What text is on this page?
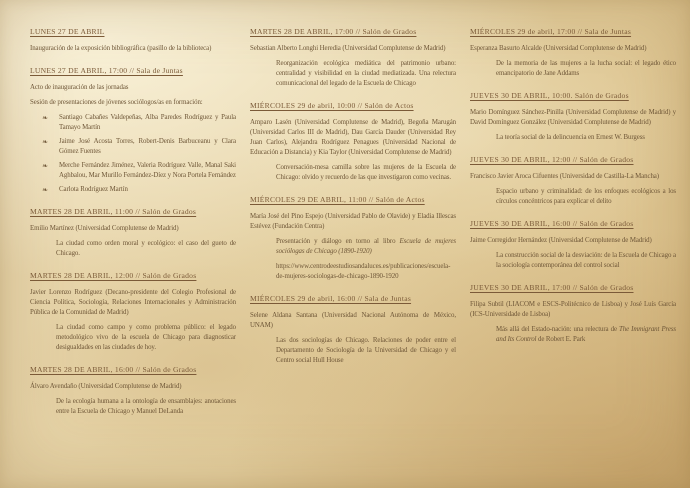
LUNES 27 DE ABRIL

Inauguración de la exposición bibliográfica (pasillo de la biblioteca)

LUNES 27 DE ABRIL, 17:00 // Sala de Juntas

Acto de inauguración de las jornadas

Sesión de presentaciones de jóvenes sociólogos/as en formación:

❧	Santiago Cabañes Valdepeñas, Alba Paredes Rodríguez y Paula Tamayo Martín
❧	Jaime José Acosta Torres, Robert-Denis Barbuceanu y Clara Gómez Fuentes
❧	Merche Fernández Jiménez, Valeria Rodríguez Valle, Manal Saki Aghbalou, Mar Murillo Fernández-Díez y Nora Portela Fernández
❧	Carlota Rodríguez Martín
MARTES 28 DE ABRIL, 11:00 // Salón de Grados

Emilio Martínez (Universidad Complutense de Madrid)

La ciudad como orden moral y ecológico: el caso del gueto de Chicago.

MARTES 28 DE ABRIL, 12:00 // Salón de Grados

Javier Lorenzo Rodríguez (Decano-presidente del Colegio Profesional de Ciencia Política, Sociología, Relaciones Internacionales y Administración Pública de la Comunidad de Madrid)

La ciudad como campo y como problema público: el legado metodológico vivo de la escuela de Chicago para diagnosticar desigualdades en las ciudades de hoy.

MARTES 28 DE ABRIL, 16:00 // Salón de Grados

Álvaro Avendaño (Universidad Complutense de Madrid)

De la ecología humana a la ontología de ensamblajes: anotaciones entre la Escuela de Chicago y Manuel DeLanda

MARTES 28 DE ABRIL, 17:00 // Salón de Grados

Sebastian Alberto Longhi Heredia (Universidad Complutense de Madrid)

Reorganización ecológica mediática del patrimonio urbano: centralidad y visibilidad en la ciudad mediatizada. Una relectura comunicacional del legado de la Escuela de Chicago

MIÉRCOLES 29 de abril, 10:00 // Salón de Actos

Amparo Lasén (Universidad Complutense de Madrid), Begoña Marugán (Universidad Carlos III de Madrid), Dau García Dauder (Universidad Rey Juan Carlos), Alejandra Rodríguez Penagues (Universidad Nacional de Educación a Distancia) y Kia Taylor (Universidad Complutense de Madrid)

Conversación-mesa camilla sobre las mujeres de la Escuela de Chicago: olvido y recuerdo de las que investigaron como vecinas.

MIÉRCOLES 29 DE ABRIL, 11:00 // Salón de Actos

María José del Pino Espejo (Universidad Pablo de Olavide) y Eladia Illescas Estévez (Fundación Centra)

Presentación y diálogo en torno al libro Escuela de mujeres sociólogas de Chicago (1890-1920)

https://www.centrodeestudiosandaluces.es/publicaciones/escuela-de-mujeres-sociologas-de-chicago-1890-1920

MIÉRCOLES 29 de abril, 16:00 // Sala de Juntas

Selene Aldana Santana (Universidad Nacional Autónoma de México, UNAM)

Las dos sociologías de Chicago. Relaciones de poder entre el Departamento de Sociología de la Universidad de Chicago y el Centro social Hull House

MIÉRCOLES 29 de abril, 17:00 // Sala de Juntas

Esperanza Basurto Alcalde (Universidad Complutense de Madrid)

De la memoria de las mujeres a la lucha social: el legado ético emancipatorio de Jane Addams

JUEVES 30 DE ABRIL, 10:00. Salón de Grados

Mario Domínguez Sánchez-Pinilla (Universidad Complutense de Madrid) y David Domínguez González (Universidad Complutense de Madrid)

La teoría social de la delincuencia en Ernest W. Burgess

JUEVES 30 DE ABRIL, 12:00 // Salón de Grados

Francisco Javier Aroca Cifuentes (Universidad de Castilla-La Mancha)

Espacio urbano y criminalidad: de los enfoques ecológicos a los círculos concéntricos para explicar el delito

JUEVES 30 DE ABRIL, 16:00 // Salón de Grados

Jaime Corregidor Hernández (Universidad Complutense de Madrid)

La construcción social de la desviación: de la Escuela de Chicago a la sociología contemporánea del control social

JUEVES 30 DE ABRIL, 17:00 // Salón de Grados

Filipa Subtil (LIACOM e ESCS-Politécnico de Lisboa) y José Luís García (ICS-Universidade de Lisboa)

Más allá del Estado-nación: una relectura de The Immigrant Press and Its Control de Robert E. Park
